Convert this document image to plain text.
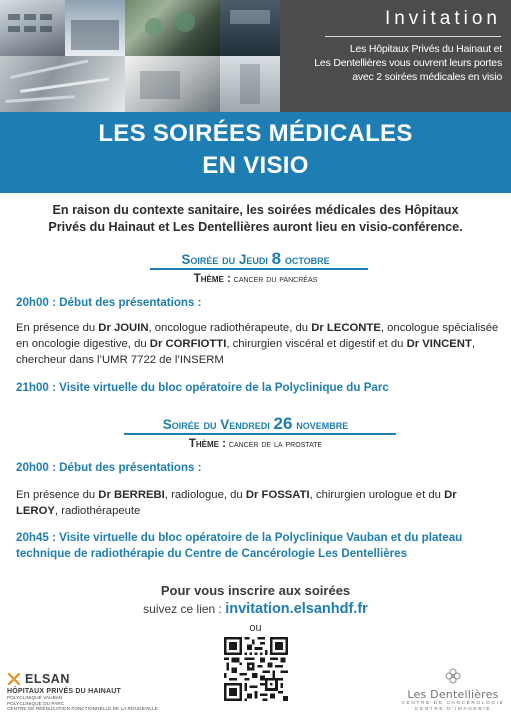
Invitation
Les Hôpitaux Privés du Hainaut et
Les Dentellières vous ouvrent leurs portes
avec 2 soirées médicales en visio
LES SOIRÉES MÉDICALES
EN VISIO
En raison du contexte sanitaire, les soirées médicales des Hôpitaux
Privés du Hainaut et Les Dentellières auront lieu en visio-conférence.
Soirée du Jeudi 8 octobre
Thème : cancer du pancréas
20h00 : Début des présentations :
En présence du Dr JOUIN, oncologue radiothérapeute, du Dr LECONTE, oncologue spécialisée en oncologie digestive, du Dr CORFIOTTI, chirurgien viscéral et digestif et du Dr VINCENT, chercheur dans l’UMR 7722 de l’INSERM
21h00 : Visite virtuelle du bloc opératoire de la Polyclinique du Parc
Soirée du Vendredi 26 novembre
Thème : cancer de la prostate
20h00 : Début des présentations :
En présence du Dr BERREBI, radiologue, du Dr FOSSATI, chirurgien urologue et du Dr LEROY, radiothérapeute
20h45 : Visite virtuelle du bloc opératoire de la Polyclinique Vauban et du plateau
technique de radiothérapie du Centre de Cancérologie Les Dentellières
Pour vous inscrire aux soirées
suivez ce lien : invitation.elsanhdf.fr
ou
ELSAN
HÔPITAUX PRIVÉS DU HAINAUT
POLYCLINIQUE VAUBAN
POLYCLINIQUE DU PARC
CENTRE DE RÉÉDUCATION FONCTIONNELLE DE LA ROUGEVILLE
Les Dentellières
CENTRE DE CANCÉROLOGIE
CENTRE D’IMAGERIE
